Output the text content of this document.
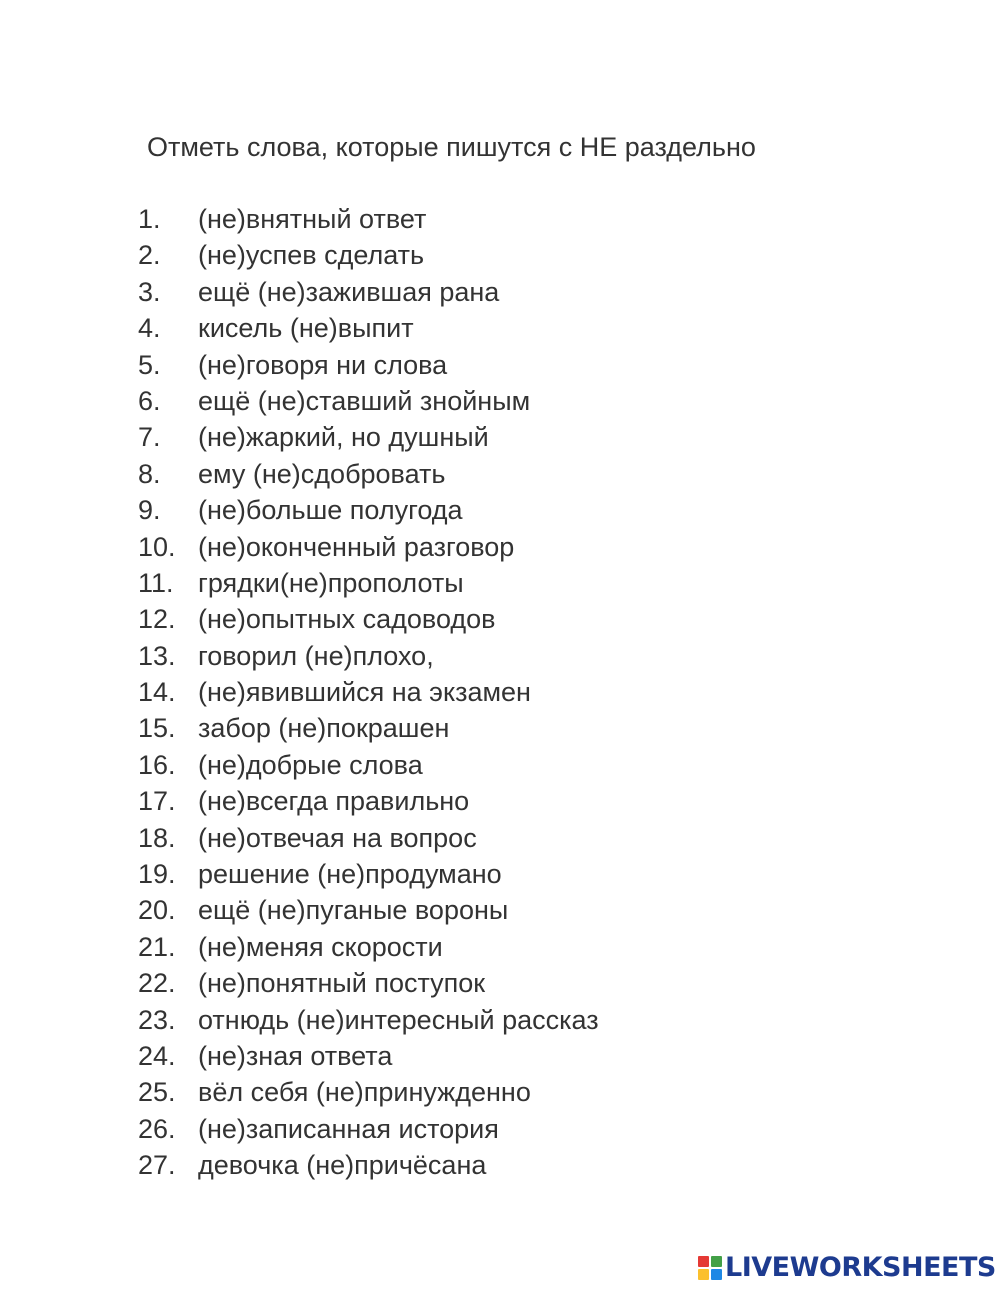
Отметь слова, которые пишутся с НЕ раздельно
1. (не)внятный ответ
2. (не)успев сделать
3. ещё (не)зажившая рана
4. кисель (не)выпит
5. (не)говоря ни слова
6. ещё (не)ставший знойным
7. (не)жаркий, но душный
8. ему (не)сдобровать
9. (не)больше полугода
10. (не)оконченный разговор
11. грядки(не)прополоты
12. (не)опытных садоводов
13. говорил (не)плохо,
14. (не)явившийся на экзамен
15. забор (не)покрашен
16. (не)добрые слова
17. (не)всегда правильно
18. (не)отвечая на вопрос
19. решение (не)продумано
20. ещё (не)пуганые вороны
21. (не)меняя скорости
22. (не)понятный поступок
23. отнюдь (не)интересный рассказ
24. (не)зная ответа
25. вёл себя (не)принужденно
26. (не)записанная история
27. девочка (не)причёсана
LIVEWORKSHEETS
